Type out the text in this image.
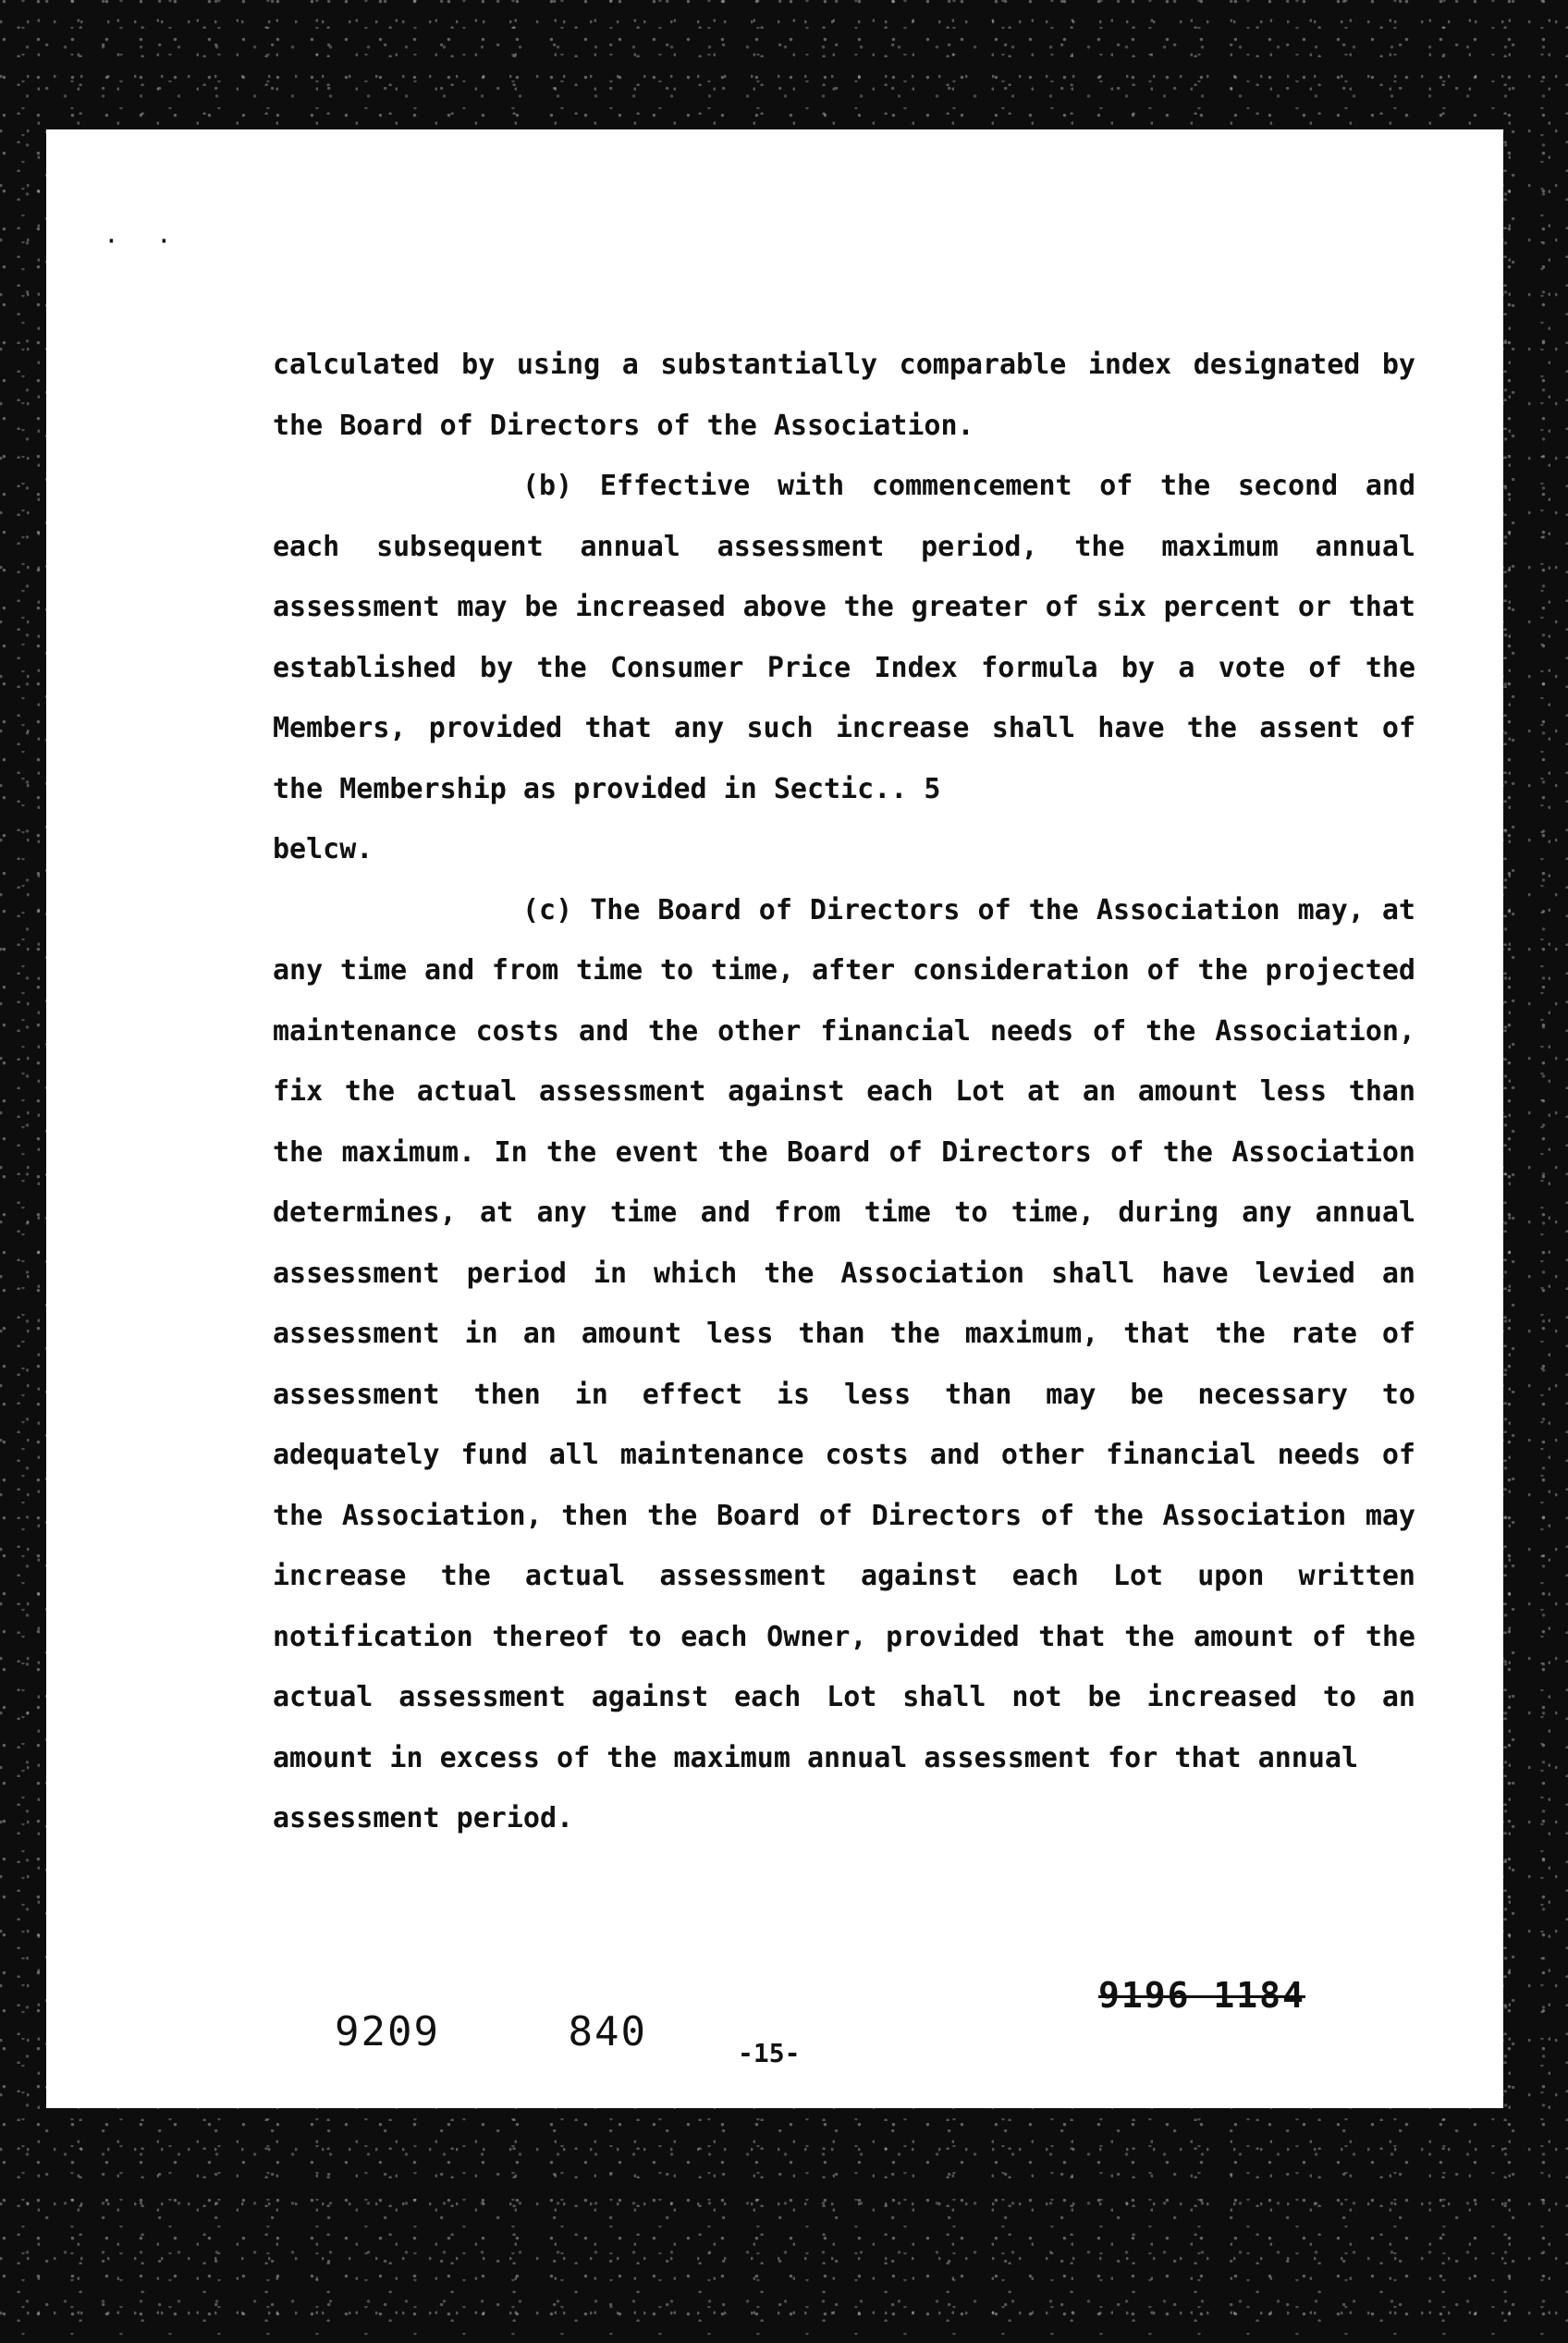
··

calculated by using a substantially comparable index designated by the Board of Directors of the Association.

(b) Effective with commencement of the second and each subsequent annual assessment period, the maximum annual assessment may be increased above the greater of six percent or that established by the Consumer Price Index formula by a vote of the Members, provided that any such increase shall have the assent of the Membership as provided in Sectic.. 5

belcw.

(c) The Board of Directors of the Association may, at any time and from time to time, after consideration of the projected maintenance costs and the other financial needs of the Association, fix the actual assessment against each Lot at an amount less than the maximum. In the event the Board of Directors of the Association determines, at any time and from time to time, during any annual assessment period in which the Association shall have levied an assessment in an amount less than the maximum, that the rate of assessment then in effect is less than may be necessary to adequately fund all maintenance costs and other financial needs of the Association, then the Board of Directors of the Association may increase the actual assessment against each Lot upon written notification thereof to each Owner, provided that the amount of the actual assessment against each Lot shall not be increased to an amount in excess of the maximum annual assessment for that annual

assessment period.

9209	840	-15-
9196 1184
